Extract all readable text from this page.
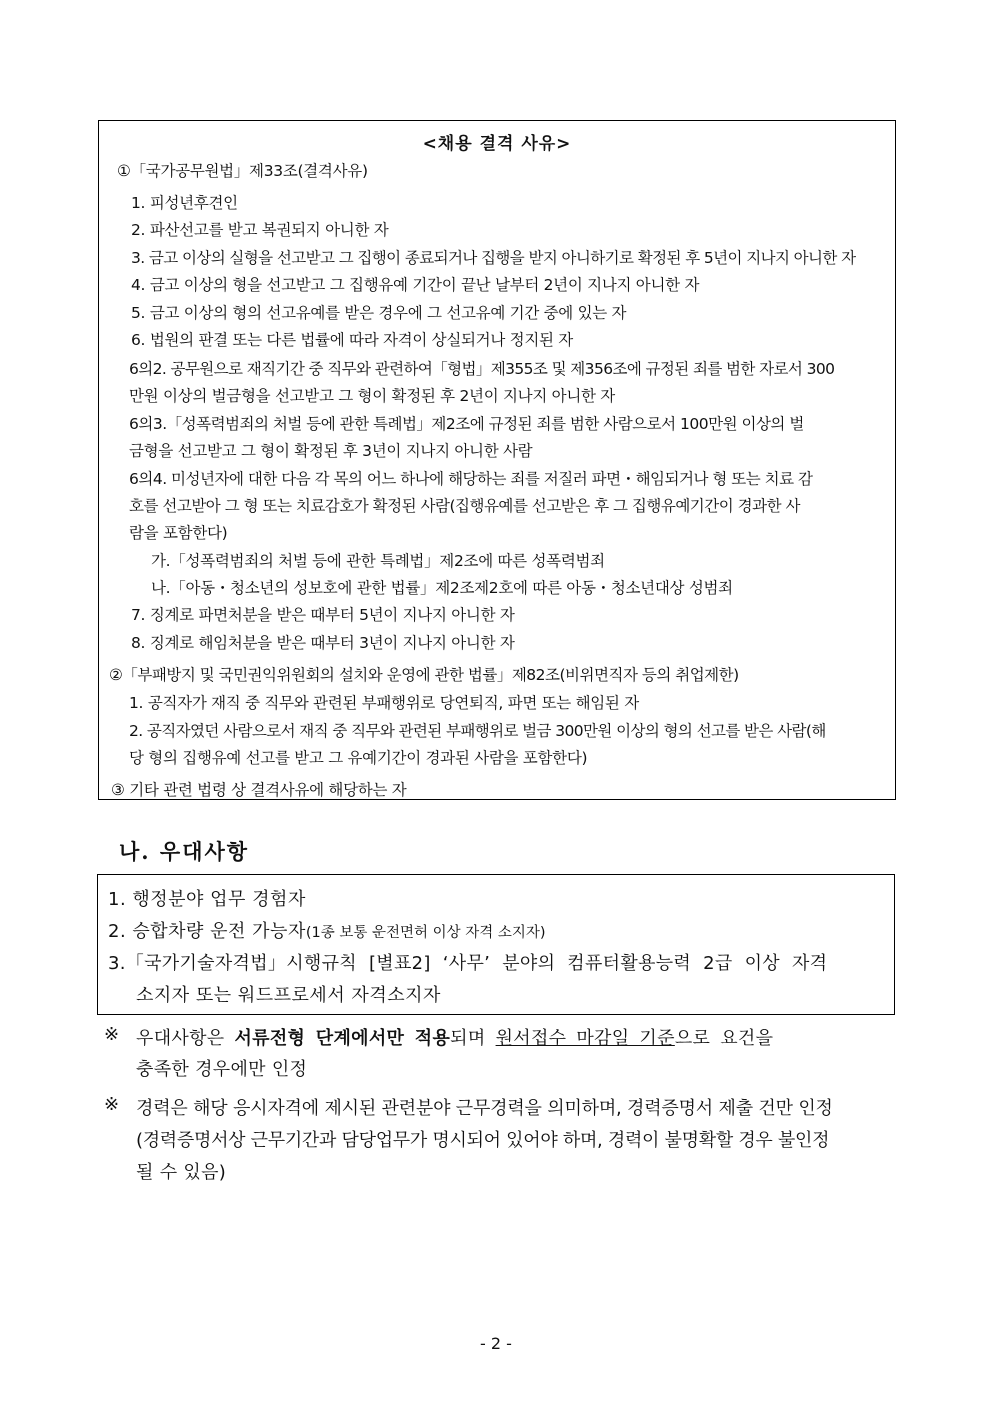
<채용 결격 사유>
①「국가공무원법」제33조(결격사유)
1. 피성년후견인
2. 파산선고를 받고 복권되지 아니한 자
3. 금고 이상의 실형을 선고받고 그 집행이 종료되거나 집행을 받지 아니하기로 확정된 후 5년이 지나지 아니한 자
4. 금고 이상의 형을 선고받고 그 집행유예 기간이 끝난 날부터 2년이 지나지 아니한 자
5. 금고 이상의 형의 선고유예를 받은 경우에 그 선고유예 기간 중에 있는 자
6. 법원의 판결 또는 다른 법률에 따라 자격이 상실되거나 정지된 자
6의2. 공무원으로 재직기간 중 직무와 관련하여「형법」제355조 및 제356조에 규정된 죄를 범한 자로서 300
만원 이상의 벌금형을 선고받고 그 형이 확정된 후 2년이 지나지 아니한 자
6의3.「성폭력범죄의 처벌 등에 관한 특례법」제2조에 규정된 죄를 범한 사람으로서 100만원 이상의 벌
금형을 선고받고 그 형이 확정된 후 3년이 지나지 아니한 사람
6의4. 미성년자에 대한 다음 각 목의 어느 하나에 해당하는 죄를 저질러 파면・해임되거나 형 또는 치료 감
호를 선고받아 그 형 또는 치료감호가 확정된 사람(집행유예를 선고받은 후 그 집행유예기간이 경과한 사
람을 포함한다)
가.「성폭력범죄의 처벌 등에 관한 특례법」제2조에 따른 성폭력범죄
나.「아동・청소년의 성보호에 관한 법률」제2조제2호에 따른 아동・청소년대상 성범죄
7. 징계로 파면처분을 받은 때부터 5년이 지나지 아니한 자
8. 징계로 해임처분을 받은 때부터 3년이 지나지 아니한 자
②「부패방지 및 국민권익위원회의 설치와 운영에 관한 법률」제82조(비위면직자 등의 취업제한)
1. 공직자가 재직 중 직무와 관련된 부패행위로 당연퇴직, 파면 또는 해임된 자
2. 공직자였던 사람으로서 재직 중 직무와 관련된 부패행위로 벌금 300만원 이상의 형의 선고를 받은 사람(해
당 형의 집행유예 선고를 받고 그 유예기간이 경과된 사람을 포함한다)
③ 기타 관련 법령 상 결격사유에 해당하는 자
나. 우대사항
1. 행정분야 업무 경험자
2. 승합차량 운전 가능자(1종 보통 운전면허 이상 자격 소지자)
3.「국가기술자격법」시행규칙 [별표2] ‘사무’ 분야의 컴퓨터활용능력 2급 이상 자격
소지자 또는 워드프로세서 자격소지자
※ 우대사항은 서류전형 단계에서만 적용되며 원서접수 마감일 기준으로 요건을
충족한 경우에만 인정
※ 경력은 해당 응시자격에 제시된 관련분야 근무경력을 의미하며, 경력증명서 제출 건만 인정
(경력증명서상 근무기간과 담당업무가 명시되어 있어야 하며, 경력이 불명확할 경우 불인정
될 수 있음)
- 2 -
